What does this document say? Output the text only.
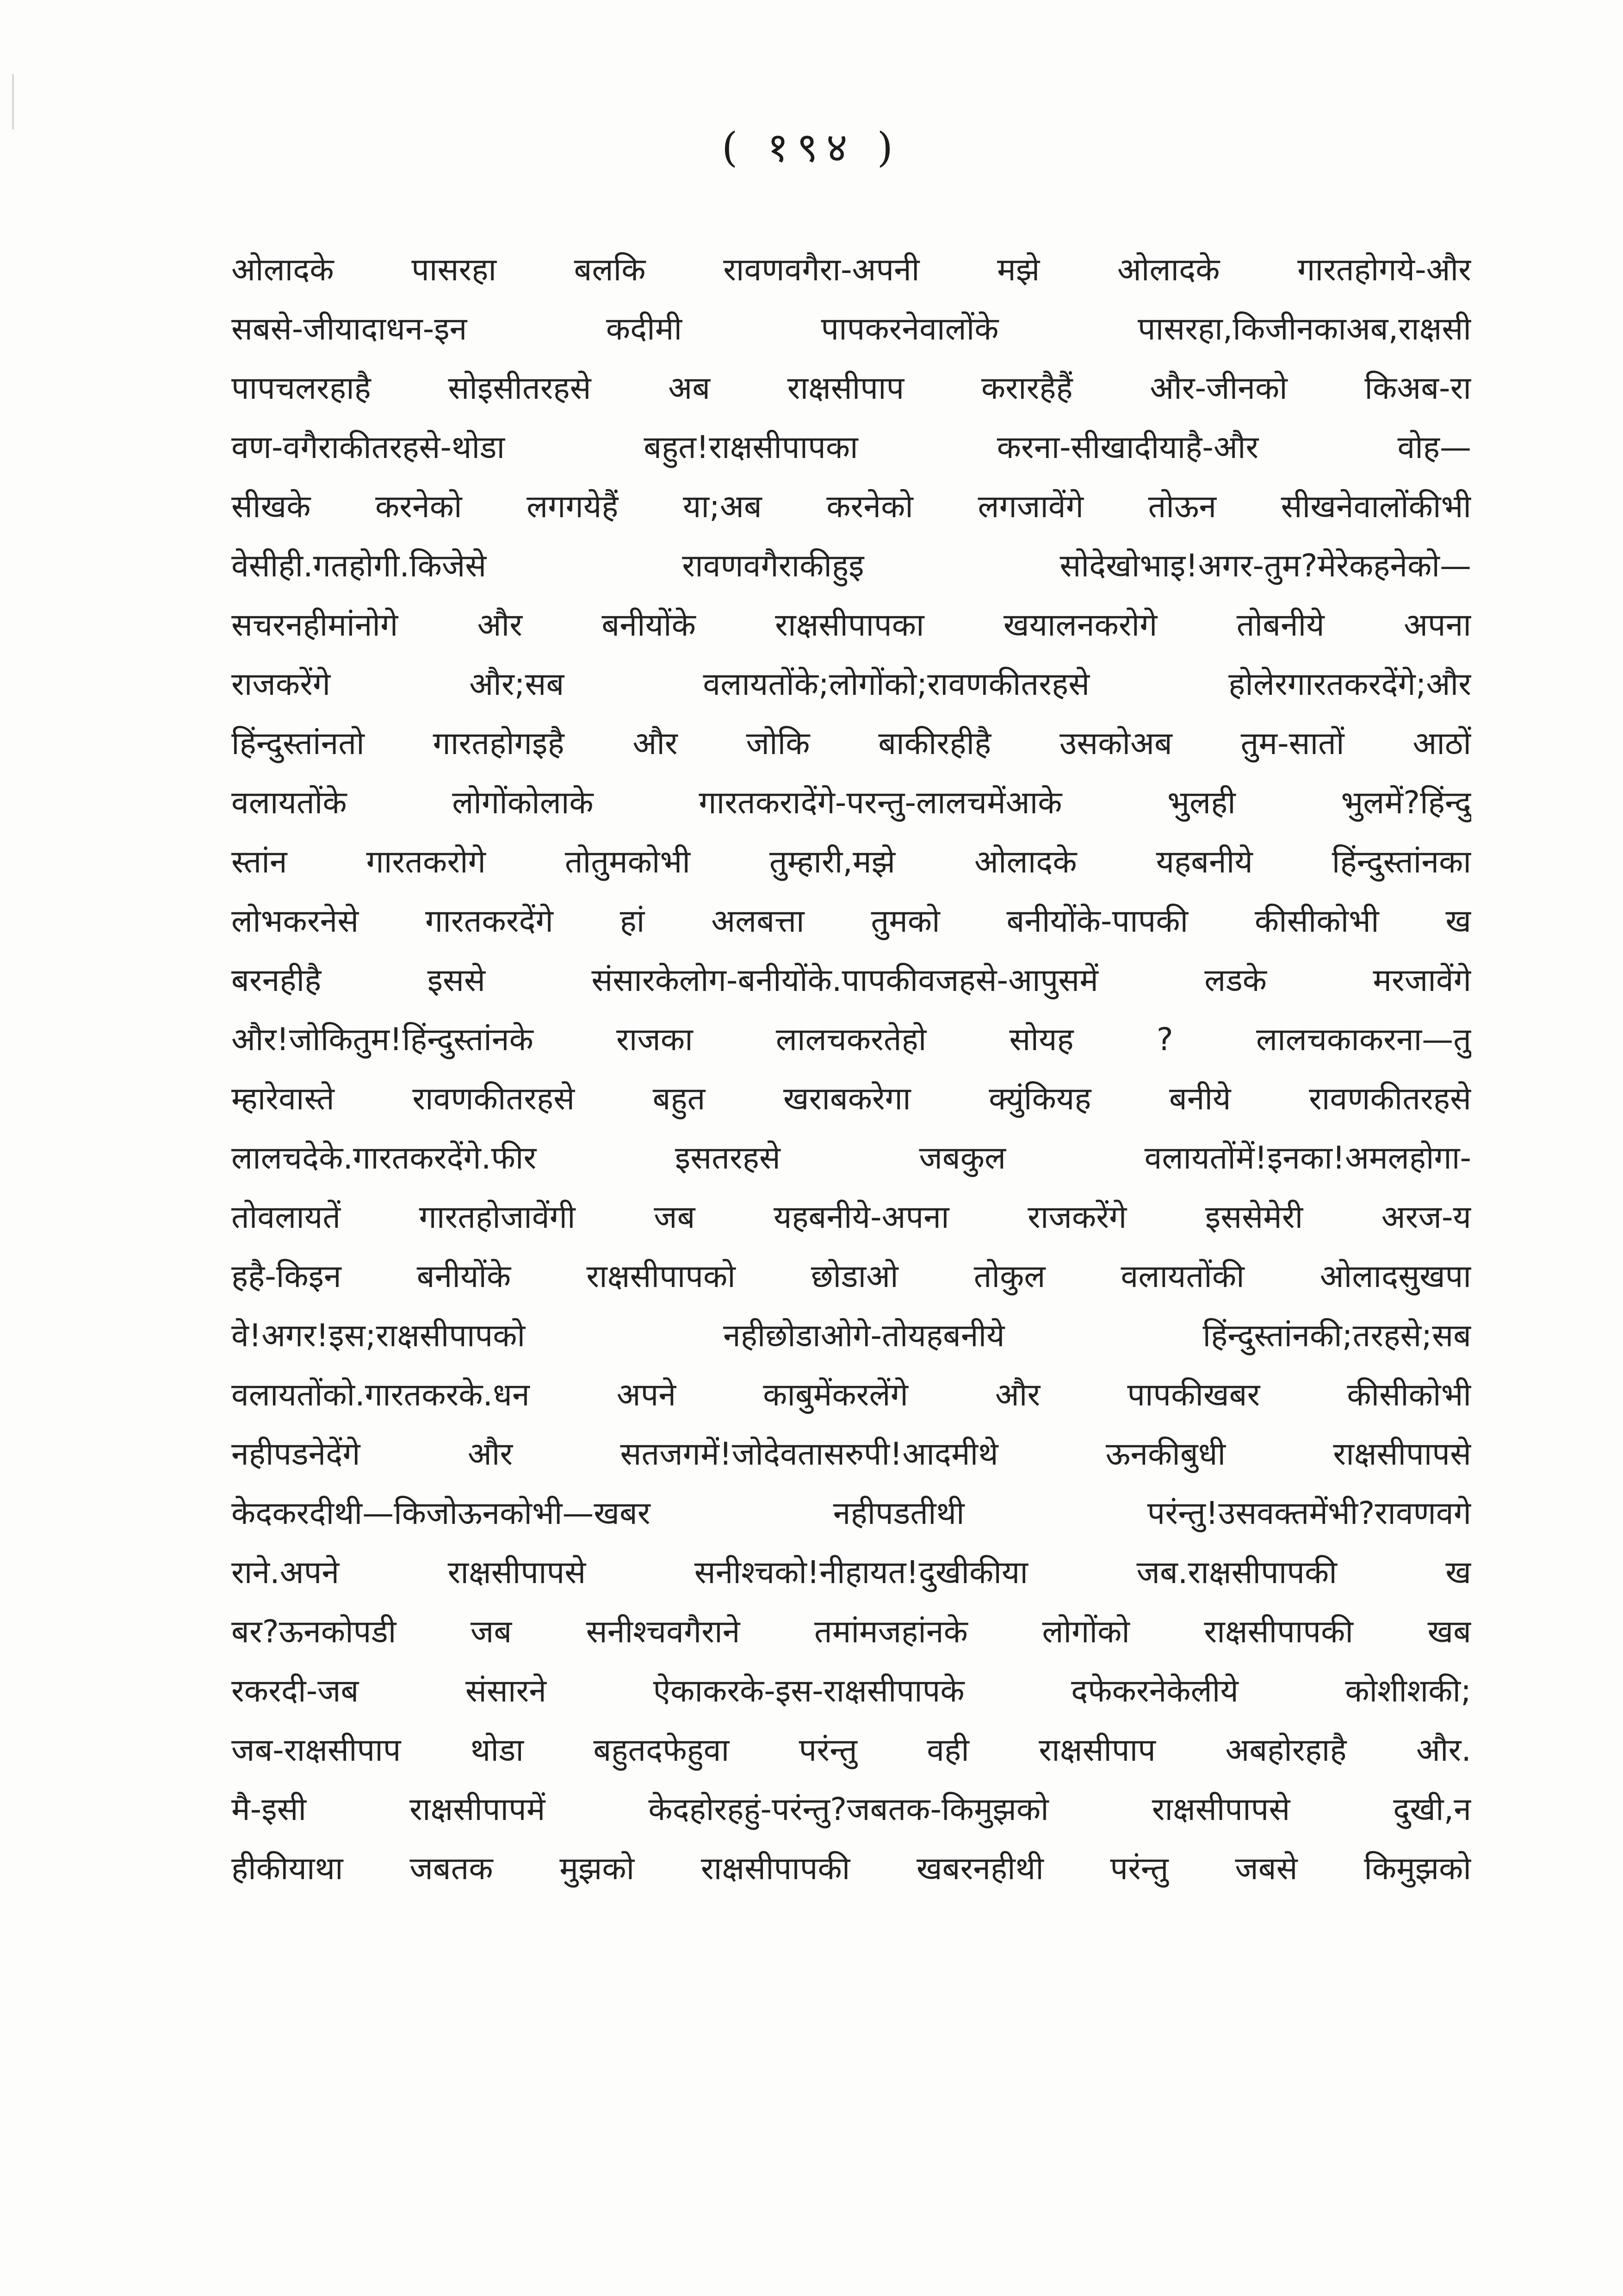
( १९४ )
ओलादके पासरहा बलकि रावणवगैरा-अपनी मझे ओलादके गारतहोगये-और
सबसे-जीयादाधन-इन कदीमी पापकरनेवालोंके पासरहा,किजीनकाअब,राक्षसी
पापचलरहाहै सोइसीतरहसे अब राक्षसीपाप करारहैहैं और-जीनको किअब-रा
वण-वगैराकीतरहसे-थोडा बहुत!राक्षसीपापका करना-सीखादीयाहै-और वोह—
सीखके करनेको लगगयेहैं या;अब करनेको लगजावेंगे तोऊन सीखनेवालोंकीभी
वेसीही.गतहोगी.किजेसे रावणवगैराकीहुइ सोदेखोभाइ!अगर-तुम?मेरेकहनेको—
सचरनहीमांनोगे और बनीयोंके राक्षसीपापका खयालनकरोगे तोबनीये अपना
राजकरेंगे और;सब वलायतोंके;लोगोंको;रावणकीतरहसे होलेरगारतकरदेंगे;और
हिंन्दुस्तांनतो गारतहोगइहै और जोकि बाकीरहीहै उसकोअब तुम-सातों आठों
वलायतोंके लोगोंकोलाके गारतकरादेंगे-परन्तु-लालचमेंआके भुलही भुलमें?हिंन्दु
स्तांन गारतकरोगे तोतुमकोभी तुम्हारी,मझे ओलादके यहबनीये हिंन्दुस्तांनका
लोभकरनेसे गारतकरदेंगे हां अलबत्ता तुमको बनीयोंके-पापकी कीसीकोभी ख
बरनहीहै इससे संसारकेलोग-बनीयोंके.पापकीवजहसे-आपुसमें लडके मरजावेंगे
और!जोकितुम!हिंन्दुस्तांनके राजका लालचकरतेहो सोयह ? लालचकाकरना—तु
म्हारेवास्ते रावणकीतरहसे बहुत खराबकरेगा क्युंकियह बनीये रावणकीतरहसे
लालचदेके.गारतकरदेंगे.फीर इसतरहसे जबकुल वलायतोंमें!इनका!अमलहोगा-
तोवलायतें गारतहोजावेंगी जब यहबनीये-अपना राजकरेंगे इससेमेरी अरज-य
हहै-किइन बनीयोंके राक्षसीपापको छोडाओ तोकुल वलायतोंकी ओलादसुखपा
वे!अगर!इस;राक्षसीपापको नहीछोडाओगे-तोयहबनीये हिंन्दुस्तांनकी;तरहसे;सब
वलायतोंको.गारतकरके.धन अपने काबुमेंकरलेंगे और पापकीखबर कीसीकोभी
नहीपडनेदेंगे और सतजगमें!जोदेवतासरुपी!आदमीथे ऊनकीबुधी राक्षसीपापसे
केदकरदीथी—किजोऊनकोभी—खबर नहीपडतीथी परंन्तु!उसवक्तमेंभी?रावणवगे
राने.अपने राक्षसीपापसे सनीश्चको!नीहायत!दुखीकीया जब.राक्षसीपापकी ख
बर?ऊनकोपडी जब सनीश्चवगैराने तमांमजहांनके लोगोंको राक्षसीपापकी खब
रकरदी-जब संसारने ऐकाकरके-इस-राक्षसीपापके दफेकरनेकेलीये कोशीशकी;
जब-राक्षसीपाप थोडा बहुतदफेहुवा परंन्तु वही राक्षसीपाप अबहोरहाहै और.
मै-इसी राक्षसीपापमें केदहोरहहुं-परंन्तु?जबतक-किमुझको राक्षसीपापसे दुखी,न
हीकीयाथा जबतक मुझको राक्षसीपापकी खबरनहीथी परंन्तु जबसे किमुझको
